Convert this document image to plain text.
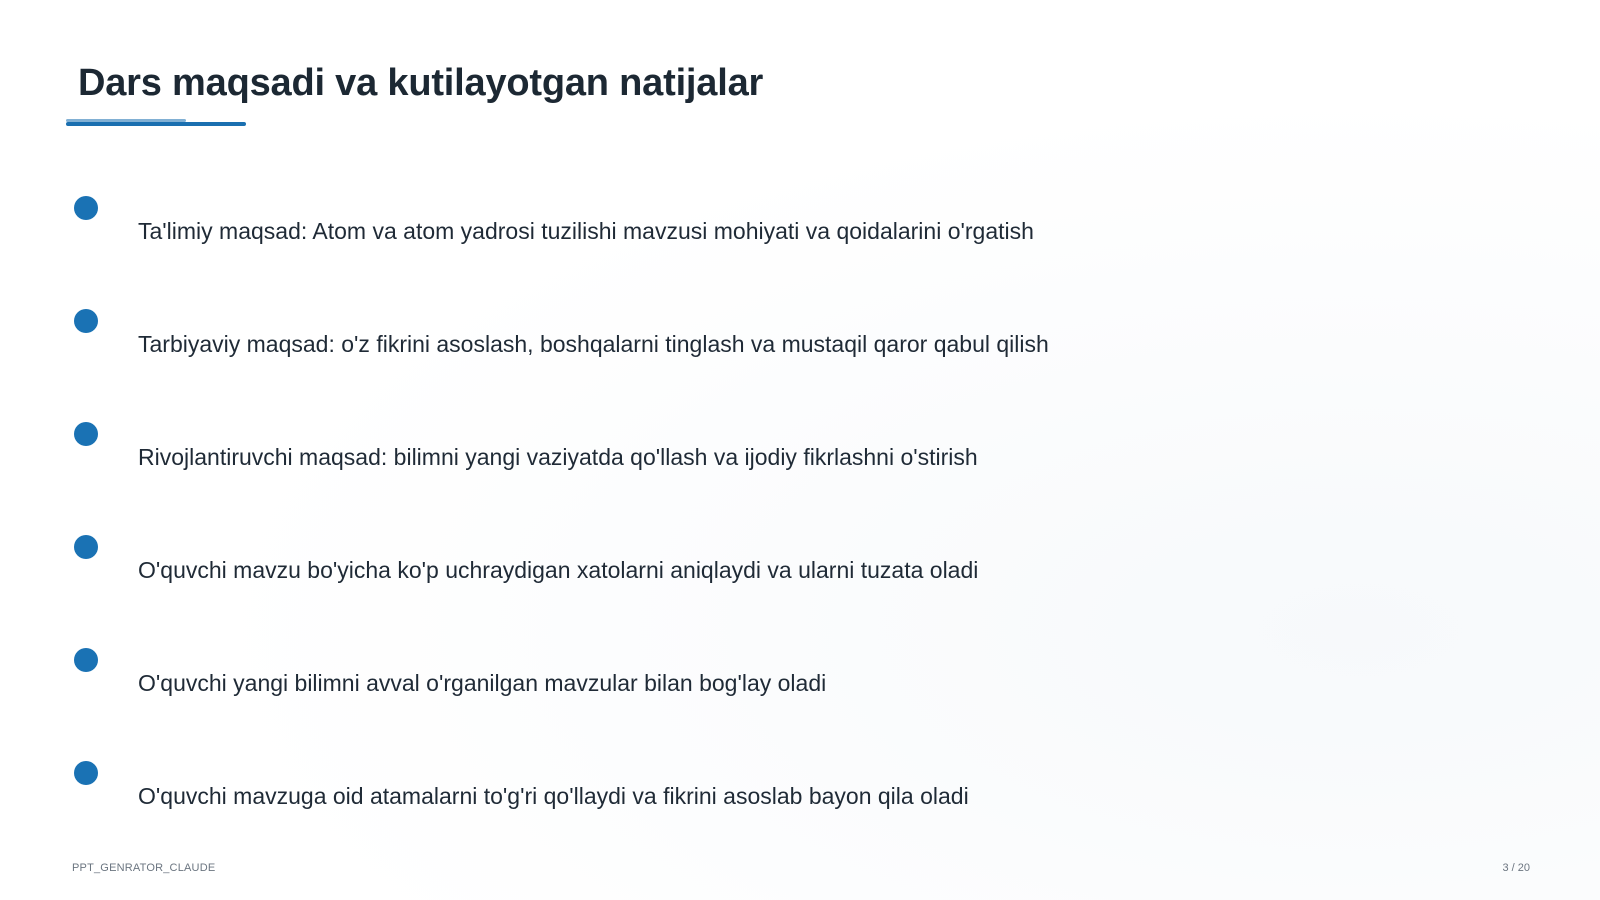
Dars maqsadi va kutilayotgan natijalar
Ta'limiy maqsad: Atom va atom yadrosi tuzilishi mavzusi mohiyati va qoidalarini o'rgatish
Tarbiyaviy maqsad: o'z fikrini asoslash, boshqalarni tinglash va mustaqil qaror qabul qilish
Rivojlantiruvchi maqsad: bilimni yangi vaziyatda qo'llash va ijodiy fikrlashni o'stirish
O'quvchi mavzu bo'yicha ko'p uchraydigan xatolarni aniqlaydi va ularni tuzata oladi
O'quvchi yangi bilimni avval o'rganilgan mavzular bilan bog'lay oladi
O'quvchi mavzuga oid atamalarni to'g'ri qo'llaydi va fikrini asoslab bayon qila oladi
PPT_GENRATOR_CLAUDE	3 / 20
